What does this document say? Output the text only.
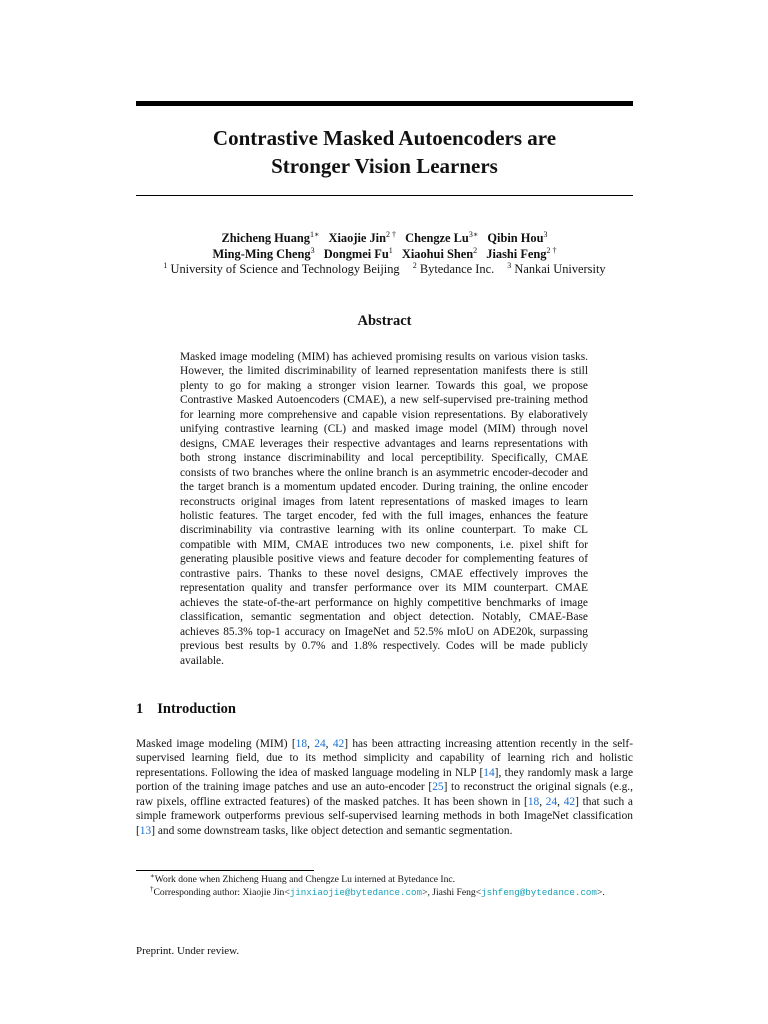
Contrastive Masked Autoencoders are
Stronger Vision Learners
Zhicheng Huang$^{1∗}$ Xiaojie Jin$^{2 \dagger}$ Chengze $Lu^{3∗}$ Qibin Hou$^3$
Ming-Ming Cheng$^3$ Dongmei Fu$^1$ Xiaohui Shen$^2$ Jiashi Feng$^{2 \dagger}$
$^1$ University of Science and Technology Beijing $^2$ Bytedance Inc. $^3$ Nankai University
Abstract

Masked image modeling (MIM) has achieved promising results on various vision tasks. However, the limited discriminability of learned representation manifests there is still plenty to go for making a stronger vision learner. Towards this goal, we propose Contrastive Masked Autoencoders (CMAE), a new self-supervised pre-training method for learning more comprehensive and capable vision representations. By elaboratively unifying contrastive learning (CL) and masked image model (MIM) through novel designs, CMAE leverages their respective advantages and learns representations with both strong instance discriminability and local perceptibility. Specifically, CMAE consists of two branches where the online branch is an asymmetric encoder-decoder and the target branch is a momentum updated encoder. During training, the online encoder reconstructs original images from latent representations of masked images to learn holistic features. The target encoder, fed with the full images, enhances the feature discriminability via contrastive learning with its online counterpart. To make CL compatible with MIM, CMAE introduces two new components, i.e. pixel shift for generating plausible positive views and feature decoder for complementing features of contrastive pairs. Thanks to these novel designs, CMAE effectively improves the representation quality and transfer performance over its MIM counterpart. CMAE achieves the state-of-the-art performance on highly competitive benchmarks of image classification, semantic segmentation and object detection. Notably, CMAE-Base achieves 85.3% top-1 accuracy on ImageNet and 52.5% mIoU on ADE20k, surpassing previous best results by 0.7% and 1.8% respectively. Codes will be made publicly available.

1 Introduction

Masked image modeling (MIM) [18, 24, 42] has been attracting increasing attention recently in the self-supervised learning field, due to its method simplicity and capability of learning rich and holistic representations. Following the idea of masked language modeling in NLP [14], they randomly mask a large portion of the training image patches and use an auto-encoder [25] to reconstruct the original signals (e.g., raw pixels, offline extracted features) of the masked patches. It has been shown in [18, 24, 42] that such a simple framework outperforms previous self-supervised learning methods in both ImageNet classification [13] and some downstream tasks, like object detection and semantic segmentation.

∗Work done when Zhicheng Huang and Chengze Lu interned at Bytedance Inc.

†Corresponding author: Xiaojie Jin<jinxiaojie@bytedance.com>, Jiashi Feng<jshfeng@bytedance.com>.

Preprint. Under review.
